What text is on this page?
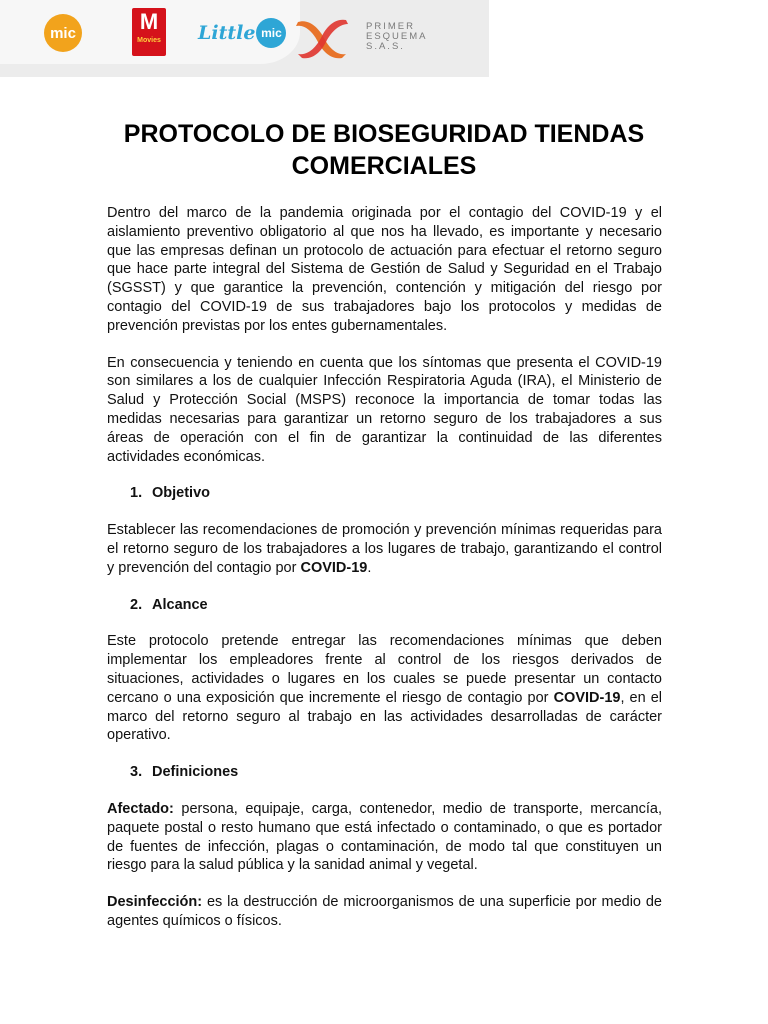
mic	M
Movies Little mic	PRIMER
ESQUEMA
S.A.S.
PROTOCOLO DE BIOSEGURIDAD TIENDAS COMERCIALES

Dentro del marco de la pandemia originada por el contagio del COVID-19 y el aislamiento preventivo obligatorio al que nos ha llevado, es importante y necesario que las empresas definan un protocolo de actuación para efectuar el retorno seguro que hace parte integral del Sistema de Gestión de Salud y Seguridad en el Trabajo (SGSST) y que garantice la prevención, contención y mitigación del riesgo por contagio del COVID-19 de sus trabajadores bajo los protocolos y medidas de prevención previstas por los entes gubernamentales.

En consecuencia y teniendo en cuenta que los síntomas que presenta el COVID-19 son similares a los de cualquier Infección Respiratoria Aguda (IRA), el Ministerio de Salud y Protección Social (MSPS) reconoce la importancia de tomar todas las medidas necesarias para garantizar un retorno seguro de los trabajadores a sus áreas de operación con el fin de garantizar la continuidad de las diferentes actividades económicas.

1. Objetivo

Establecer las recomendaciones de promoción y prevención mínimas requeridas para el retorno seguro de los trabajadores a los lugares de trabajo, garantizando el control y prevención del contagio por COVID-19.

2. Alcance

Este protocolo pretende entregar las recomendaciones mínimas que deben implementar los empleadores frente al control de los riesgos derivados de situaciones, actividades o lugares en los cuales se puede presentar un contacto cercano o una exposición que incremente el riesgo de contagio por COVID-19, en el marco del retorno seguro al trabajo en las actividades desarrolladas de carácter operativo.

3. Definiciones

Afectado: persona, equipaje, carga, contenedor, medio de transporte, mercancía, paquete postal o resto humano que está infectado o contaminado, o que es portador de fuentes de infección, plagas o contaminación, de modo tal que constituyen un riesgo para la salud pública y la sanidad animal y vegetal.

Desinfección: es la destrucción de microorganismos de una superficie por medio de agentes químicos o físicos.
